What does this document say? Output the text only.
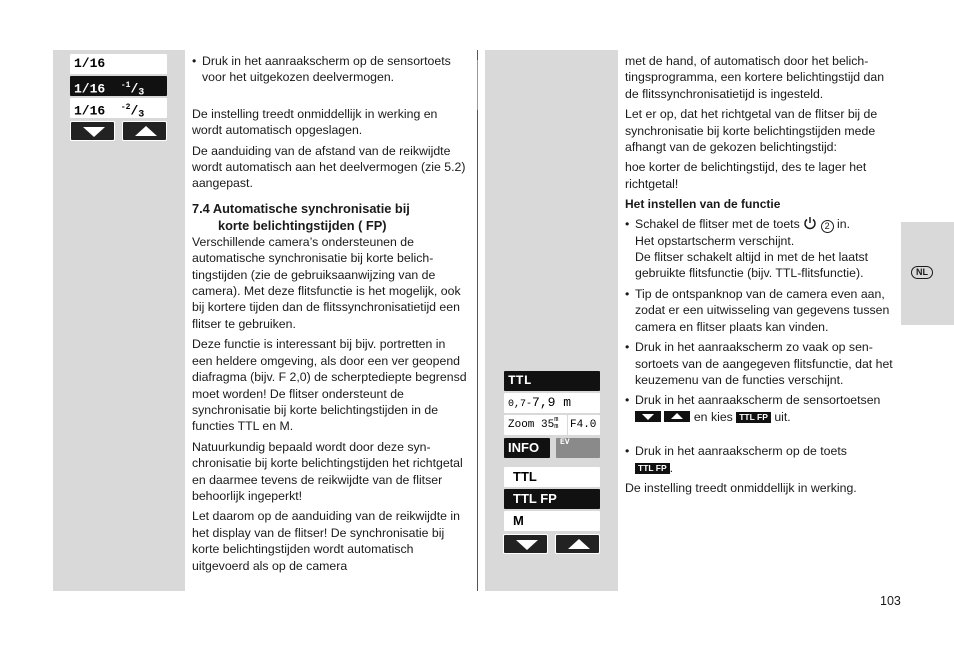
NL
1/16
1/16 $^{-1}$/3
1/16 $^{-2}$/3

• Druk in het aanraakscherm op de sensortoets voor het uitgekozen deelvermogen.

De instelling treedt onmiddellijk in werking en wordt automatisch opgeslagen.

De aanduiding van de afstand van de reikwijdte wordt automatisch aan het deelvermogen (zie 5.2) aangepast.

7.4 Automatische synchronisatie bij
korte belichtingstijden ( FP)

Verschillende camera’s ondersteunen de automatische synchronisatie bij korte belichtingstijden (zie de gebruiksaanwijzing van de camera). Met deze flitsfunctie is het mogelijk, ook bij kortere tijden dan de flitssynchronisatietijd een flitser te gebruiken.

Deze functie is interessant bij bijv. portretten in een heldere omgeving, als door een ver geopend diafragma (bijv. F 2,0) de scherptediepte begrensd moet worden! De flitser ondersteunt de synchronisatie bij korte belichtingstijden in de functies TTL en M.

Natuurkundig bepaald wordt door deze synchronisatie bij korte belichtingstijden het richtgetal en daarmee tevens de reikwijdte van de flitser behoorlijk ingeperkt!

Let daarom op de aanduiding van de reikwijdte in het display van de flitser! De synchronisatie bij korte belichtingstijden wordt automatisch uitgevoerd als op de camera

TTL
0,7-7,9 m
Zoom 35m
m	F4.0
INFO	EV
TTL
TTL FP
M

met de hand, of automatisch door het belichtingsprogramma, een kortere belichtingstijd dan de flitssynchronisatietijd is ingesteld.

Let er op, dat het richtgetal van de flitser bij de synchronisatie bij korte belichtingstijden mede afhangt van de gekozen belichtingstijd:

hoe korter de belichtingstijd, des te lager het richtgetal!

Het instellen van de functie

• Schakel de flitser met de toets	2 in.

Het opstartscherm verschijnt.

De flitser schakelt altijd in met de het laatst gebruikte flitsfunctie (bijv. TTL-flitsfunctie).

• Tip de ontspanknop van de camera even aan, zodat er een uitwisseling van gegevens tussen camera en flitser plaats kan vinden.

• Druk in het aanraakscherm zo vaak op sensortoets van de aangegeven flitsfunctie, dat het keuzemenu van de functies verschijnt.

• Druk in het aanraakscherm de sensortoetsen

en kies TTL FP uit.

• Druk in het aanraakscherm op de toets
TTL FP .

De instelling treedt onmiddellijk in werking.

103
